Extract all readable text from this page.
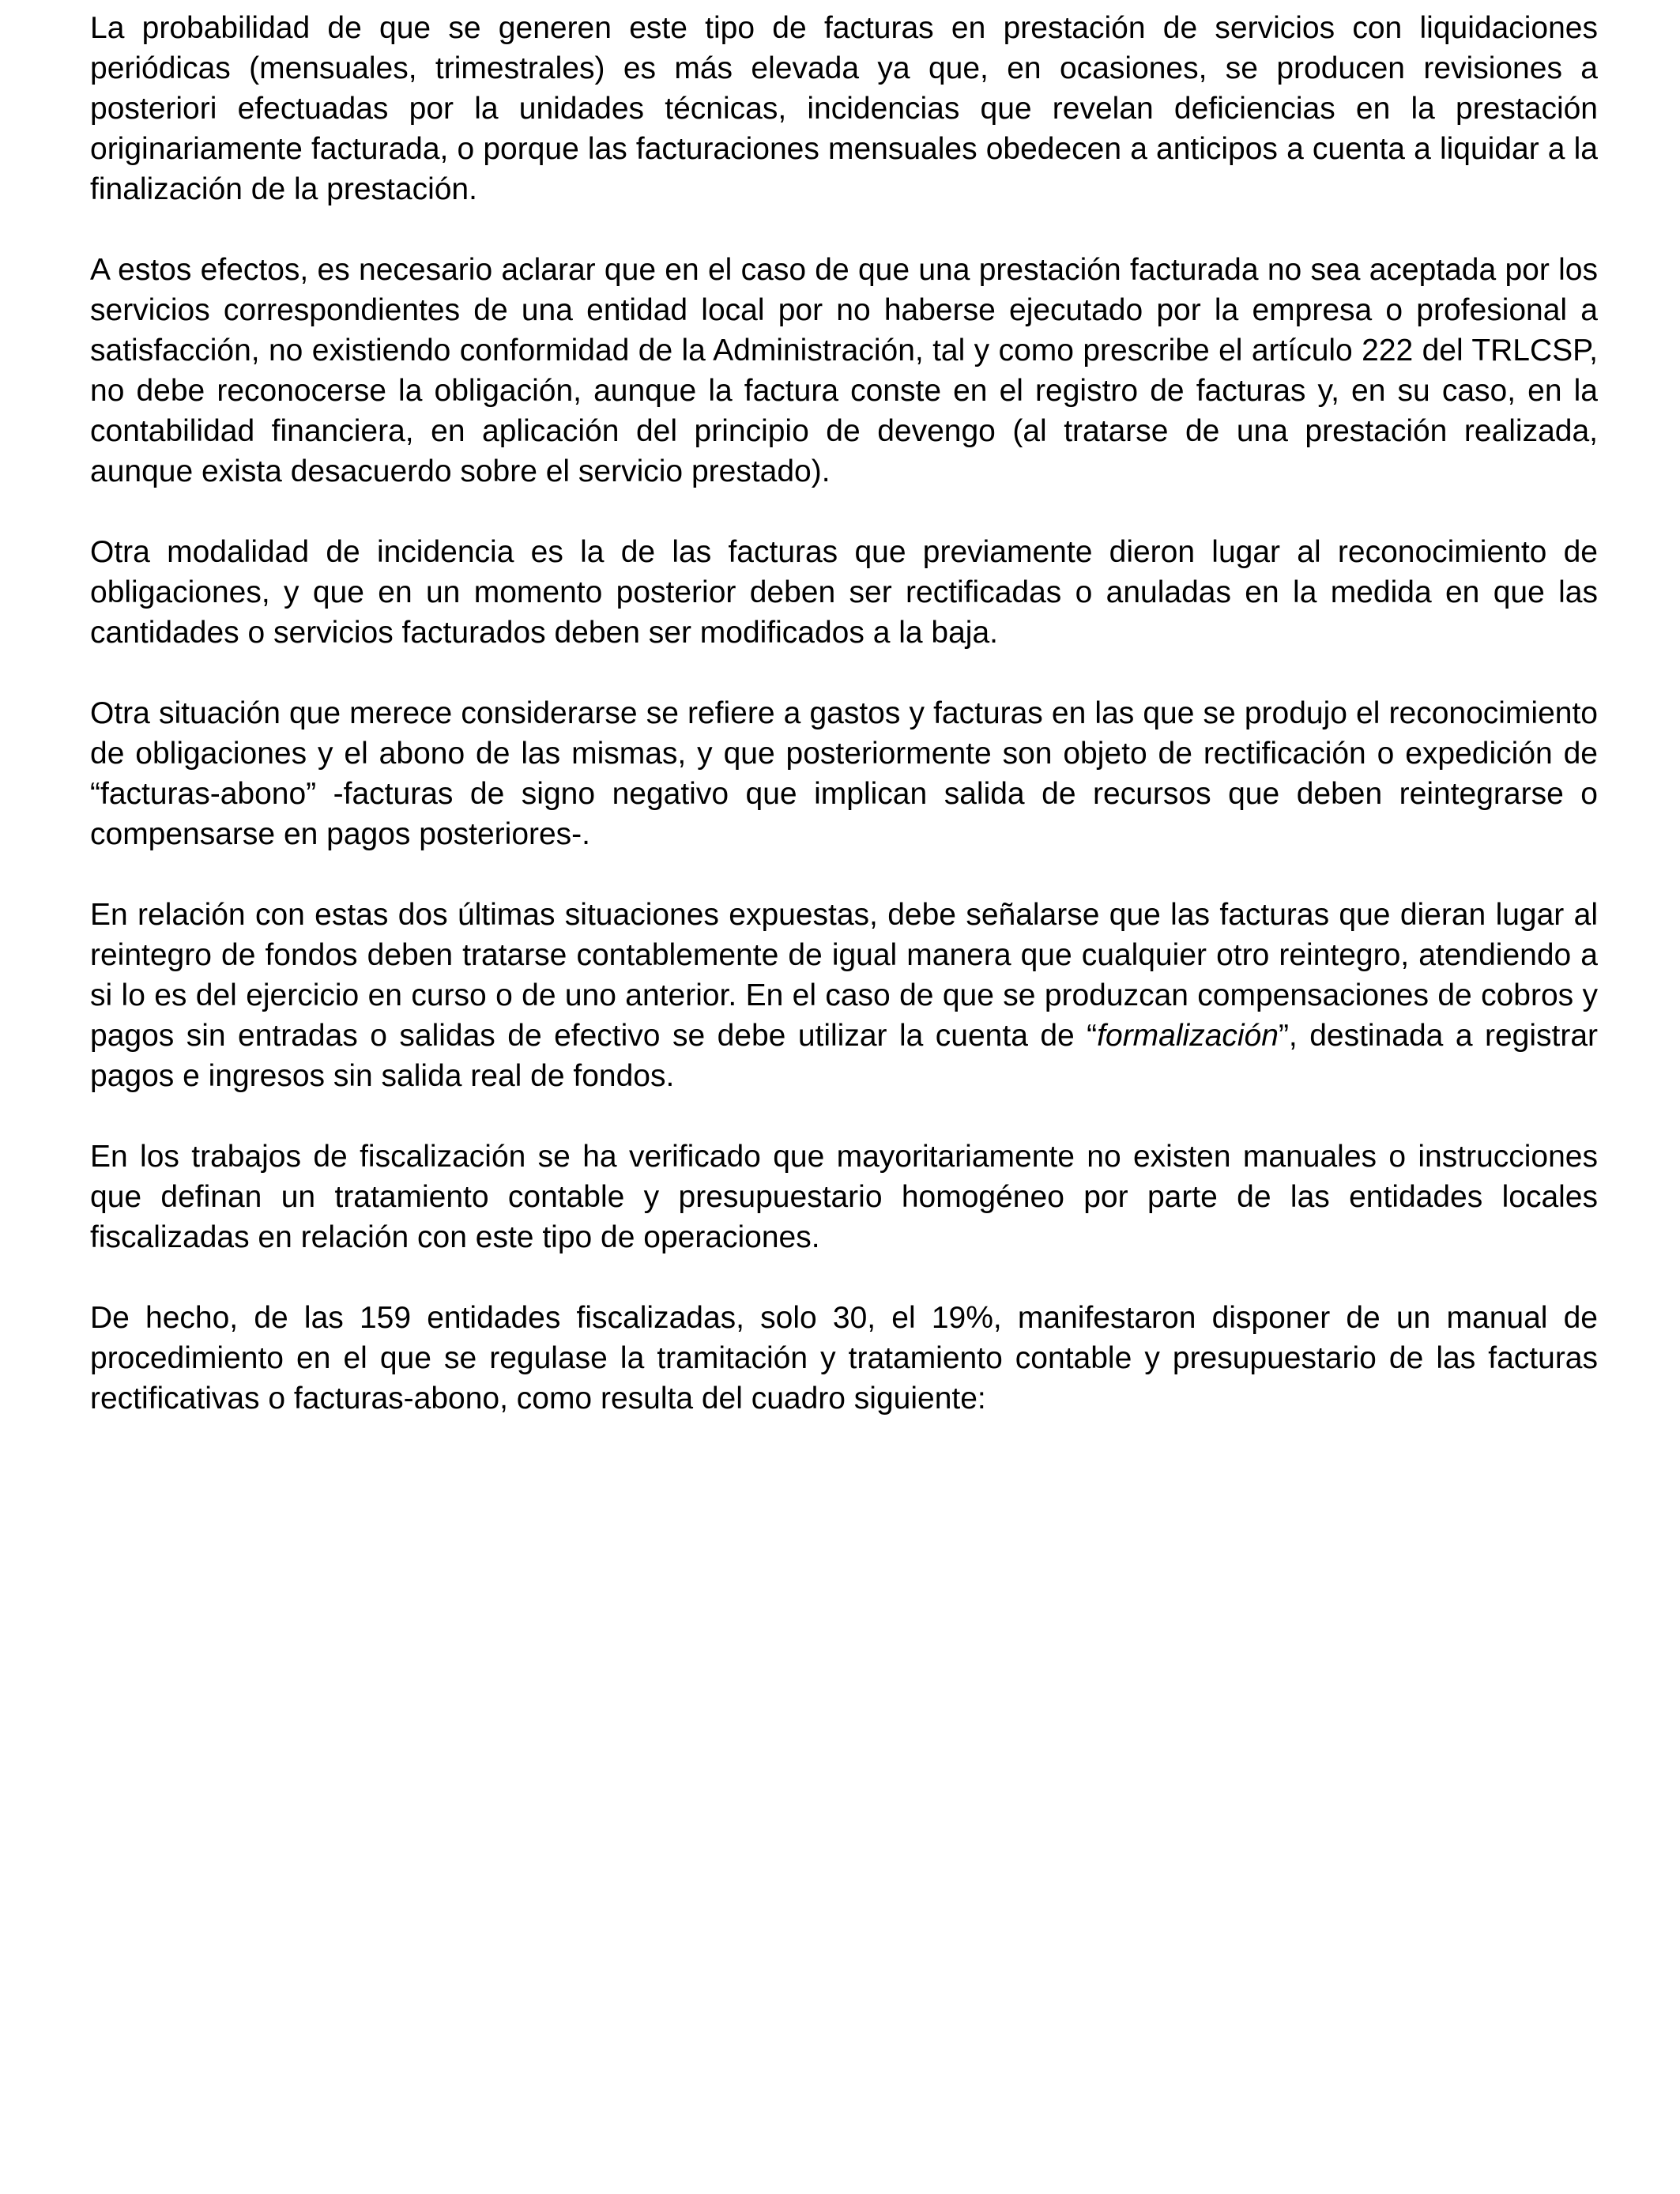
La probabilidad de que se generen este tipo de facturas en prestación de servicios con liquidaciones periódicas (mensuales, trimestrales) es más elevada ya que, en ocasiones, se producen revisiones a posteriori efectuadas por la unidades técnicas, incidencias que revelan deficiencias en la prestación originariamente facturada, o porque las facturaciones mensuales obedecen a anticipos a cuenta a liquidar a la finalización de la prestación.

A estos efectos, es necesario aclarar que en el caso de que una prestación facturada no sea aceptada por los servicios correspondientes de una entidad local por no haberse ejecutado por la empresa o profesional a satisfacción, no existiendo conformidad de la Administración, tal y como prescribe el artículo 222 del TRLCSP, no debe reconocerse la obligación, aunque la factura conste en el registro de facturas y, en su caso, en la contabilidad financiera, en aplicación del principio de devengo (al tratarse de una prestación realizada, aunque exista desacuerdo sobre el servicio prestado).

Otra modalidad de incidencia es la de las facturas que previamente dieron lugar al reconocimiento de obligaciones, y que en un momento posterior deben ser rectificadas o anuladas en la medida en que las cantidades o servicios facturados deben ser modificados a la baja.

Otra situación que merece considerarse se refiere a gastos y facturas en las que se produjo el reconocimiento de obligaciones y el abono de las mismas, y que posteriormente son objeto de rectificación o expedición de “facturas-abono” -facturas de signo negativo que implican salida de recursos que deben reintegrarse o compensarse en pagos posteriores-.

En relación con estas dos últimas situaciones expuestas, debe señalarse que las facturas que dieran lugar al reintegro de fondos deben tratarse contablemente de igual manera que cualquier otro reintegro, atendiendo a si lo es del ejercicio en curso o de uno anterior. En el caso de que se produzcan compensaciones de cobros y pagos sin entradas o salidas de efectivo se debe utilizar la cuenta de “formalización”, destinada a registrar pagos e ingresos sin salida real de fondos.

En los trabajos de fiscalización se ha verificado que mayoritariamente no existen manuales o instrucciones que definan un tratamiento contable y presupuestario homogéneo por parte de las entidades locales fiscalizadas en relación con este tipo de operaciones.

De hecho, de las 159 entidades fiscalizadas, solo 30, el 19%, manifestaron disponer de un manual de procedimiento en el que se regulase la tramitación y tratamiento contable y presupuestario de las facturas rectificativas o facturas-abono, como resulta del cuadro siguiente:
